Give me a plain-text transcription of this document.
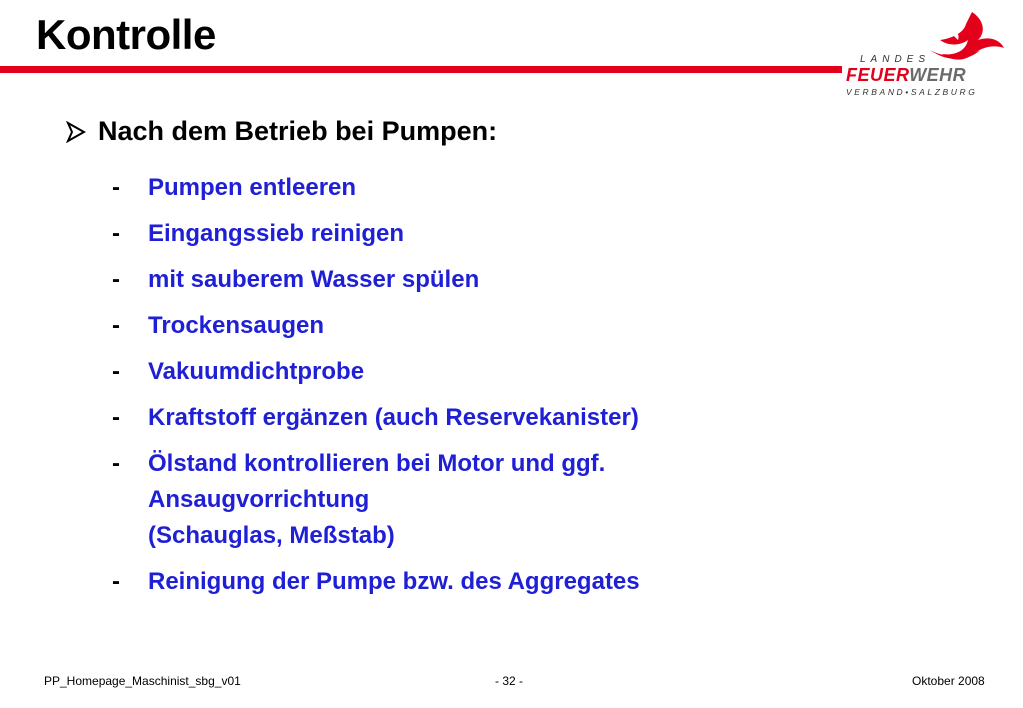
Kontrolle
LANDES
FEUERWEHR
VERBAND•SALZBURG
Nach dem Betrieb bei Pumpen:
-	Pumpen entleeren
-	Eingangssieb reinigen
-	mit sauberem Wasser spülen
-	Trockensaugen
-	Vakuumdichtprobe
-	Kraftstoff ergänzen (auch Reservekanister)
-	Ölstand kontrollieren bei Motor und ggf.
Ansaugvorrichtung
(Schauglas, Meßstab)
-	Reinigung der Pumpe bzw. des Aggregates
PP_Homepage_Maschinist_sbg_v01	- 32 -	Oktober 2008
